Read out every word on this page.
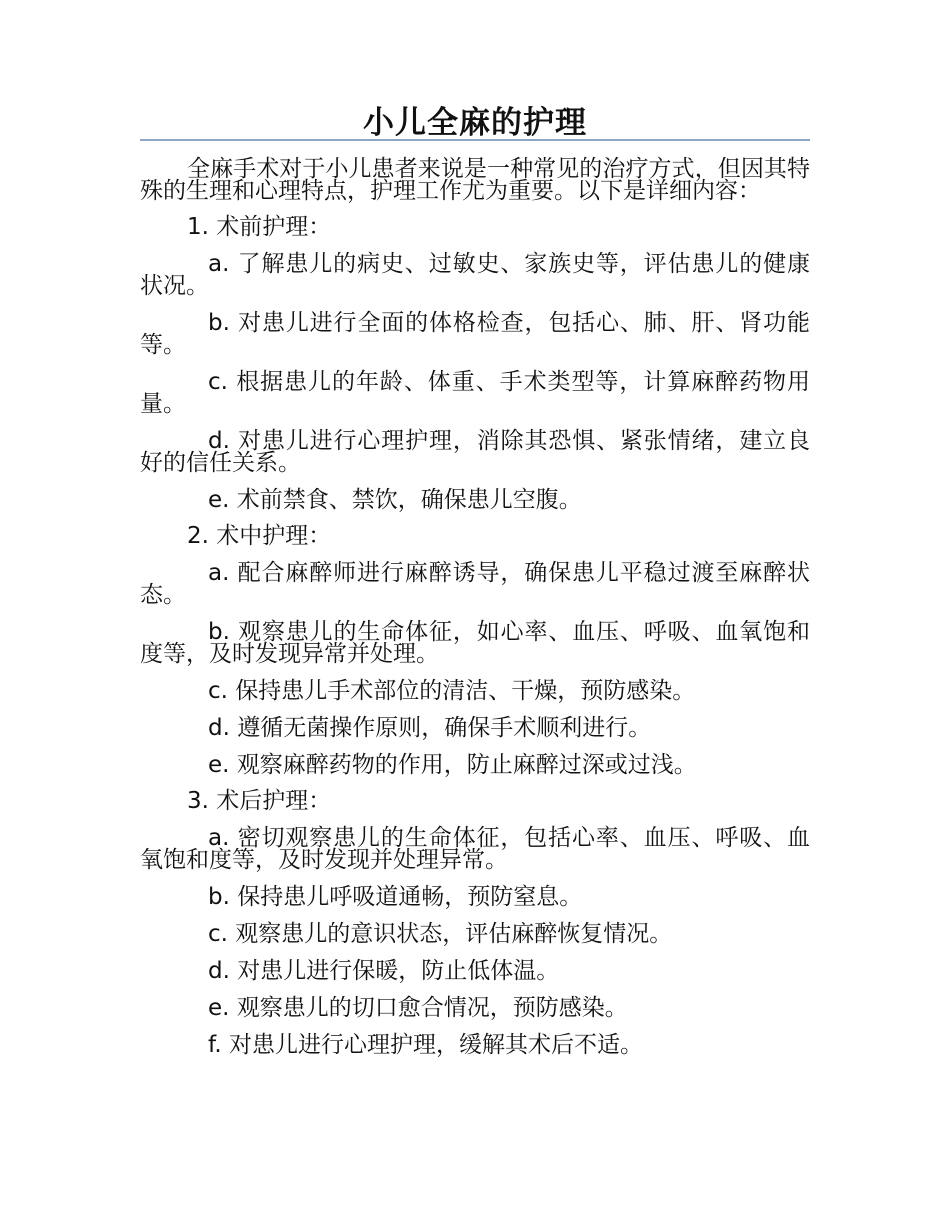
小儿全麻的护理

全麻手术对于小儿患者来说是一种常见的治疗方式，但因其特殊的生理和心理特点，护理工作尤为重要。以下是详细内容：

1. 术前护理：

a. 了解患儿的病史、过敏史、家族史等，评估患儿的健康状况。

b. 对患儿进行全面的体格检查，包括心、肺、肝、肾功能等。

c. 根据患儿的年龄、体重、手术类型等，计算麻醉药物用量。

d. 对患儿进行心理护理，消除其恐惧、紧张情绪，建立良好的信任关系。

e. 术前禁食、禁饮，确保患儿空腹。

2. 术中护理：

a. 配合麻醉师进行麻醉诱导，确保患儿平稳过渡至麻醉状态。

b. 观察患儿的生命体征，如心率、血压、呼吸、血氧饱和度等，及时发现异常并处理。

c. 保持患儿手术部位的清洁、干燥，预防感染。

d. 遵循无菌操作原则，确保手术顺利进行。

e. 观察麻醉药物的作用，防止麻醉过深或过浅。

3. 术后护理：

a. 密切观察患儿的生命体征，包括心率、血压、呼吸、血氧饱和度等，及时发现并处理异常。

b. 保持患儿呼吸道通畅，预防窒息。

c. 观察患儿的意识状态，评估麻醉恢复情况。

d. 对患儿进行保暖，防止低体温。

e. 观察患儿的切口愈合情况，预防感染。

f. 对患儿进行心理护理，缓解其术后不适。
